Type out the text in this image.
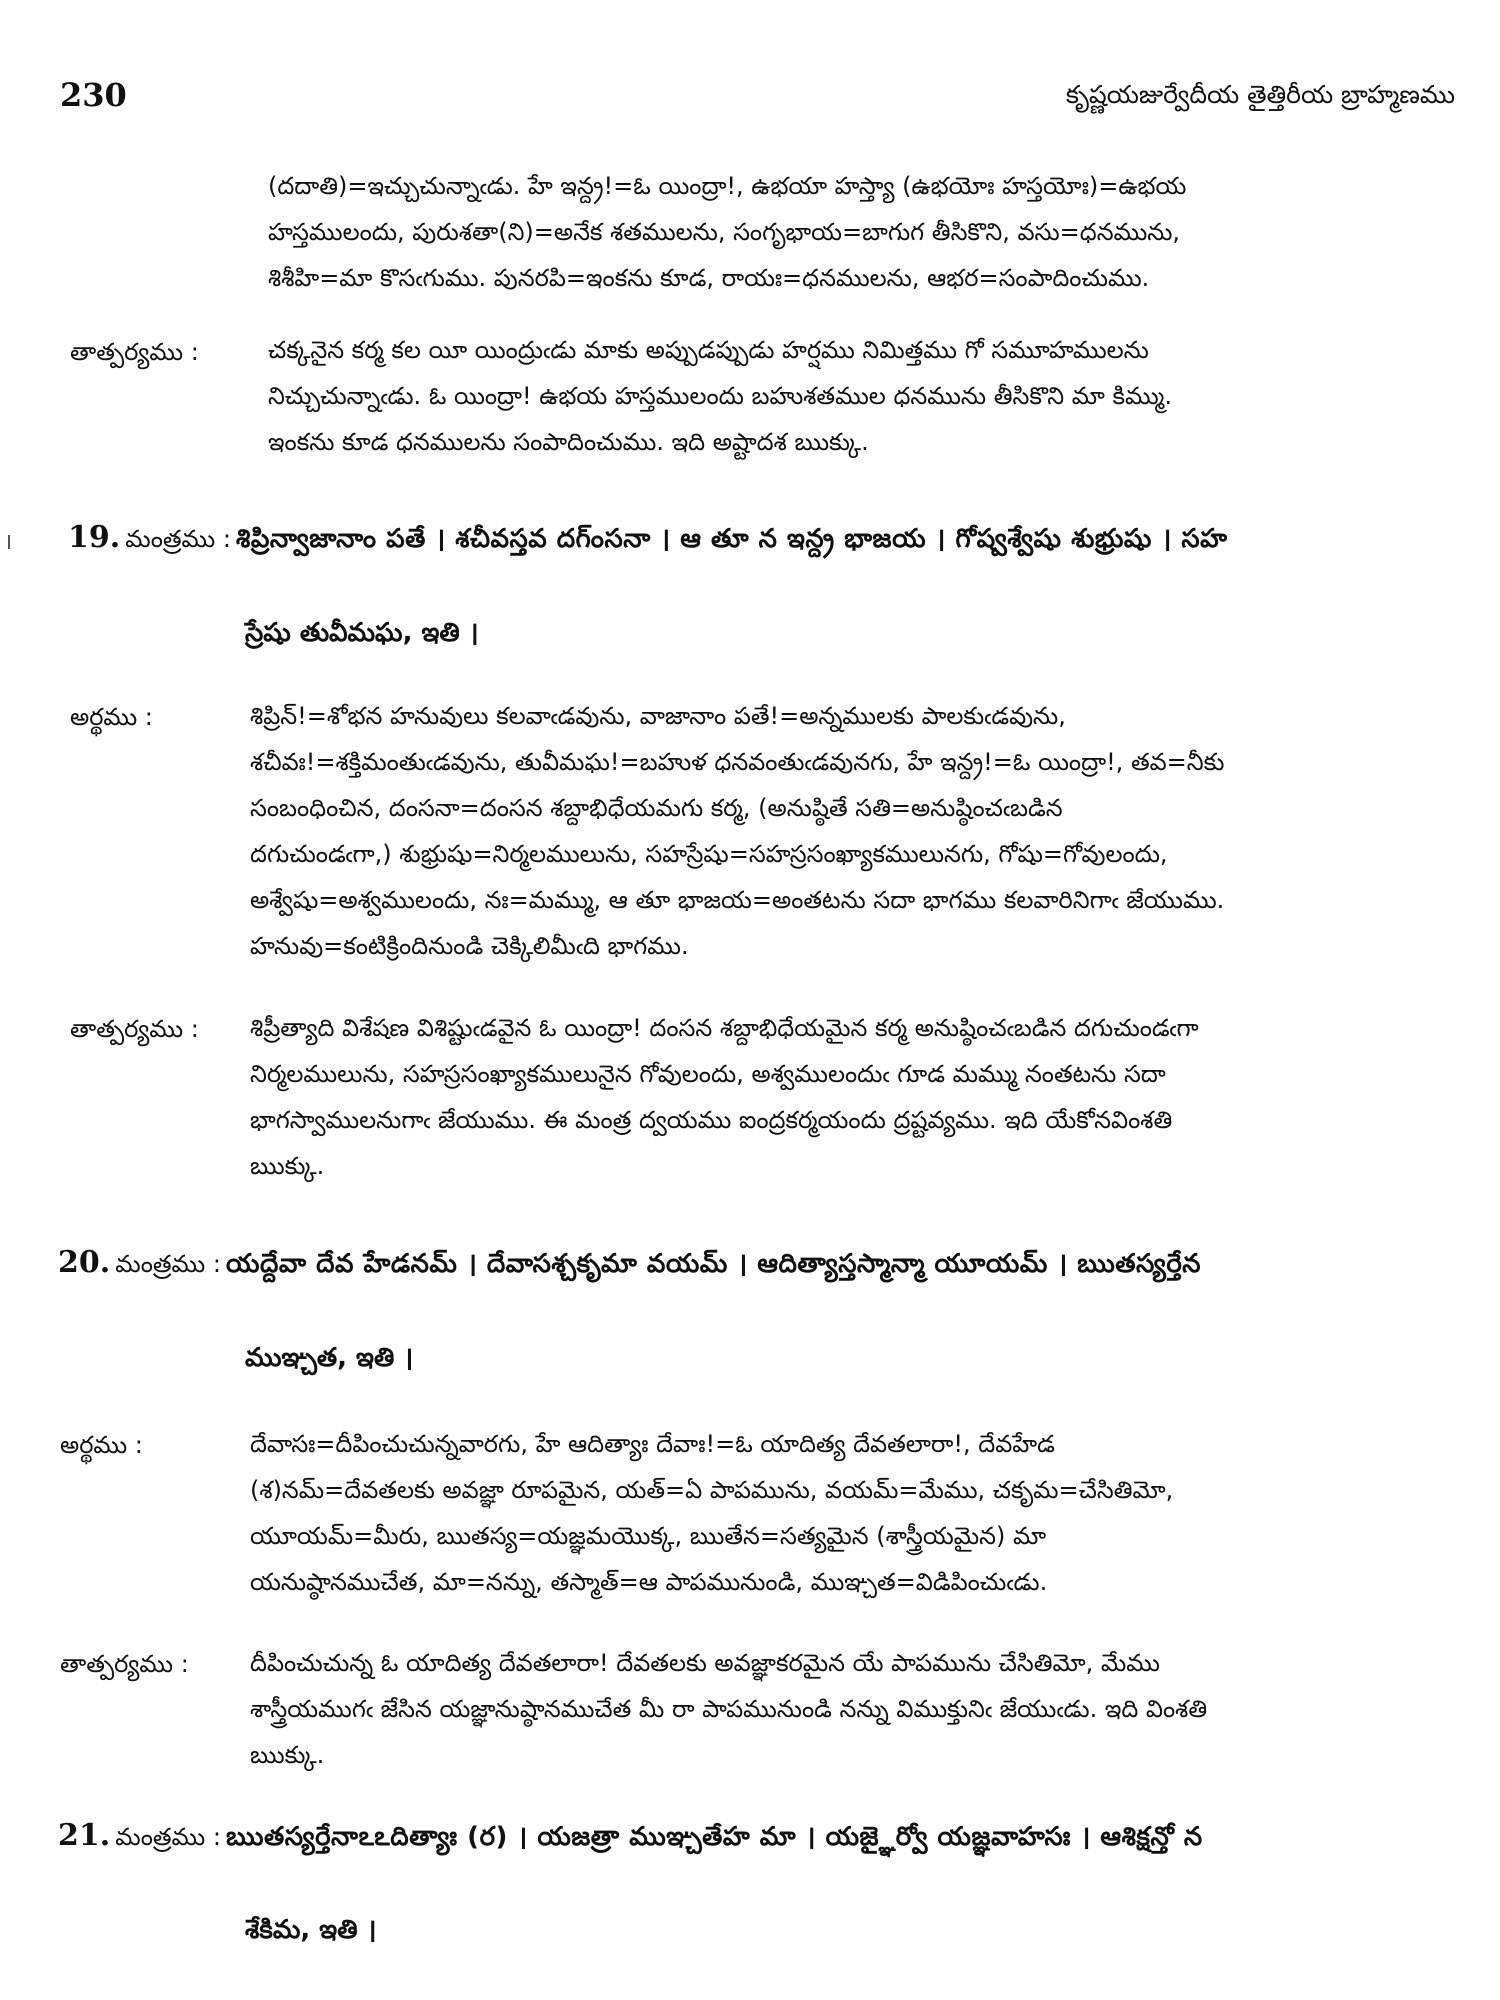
230	కృష్ణయజుర్వేదీయ తైత్తిరీయ బ్రాహ్మణము
(దదాతి)=ఇచ్చుచున్నాఁడు. హే ఇన్ద్ర!=ఓ యింద్రా!, ఉభయా హస్త్యా (ఉభయోః హస్తయోః)=ఉభయ
హస్తములందు, పురుశతా(ని)=అనేక శతములను, సంగృభాయ=బాగుగ తీసికొని, వసు=ధనమును,
శిశీహి=మా కొసఁగుము. పునరపి=ఇంకను కూడ, రాయః=ధనములను, ఆభర=సంపాదించుము.
తాత్పర్యము :	చక్కనైన కర్మ కల యీ యింద్రుఁడు మాకు అప్పుడప్పుడు హర్షము నిమిత్తము గో సమూహములను
నిచ్చుచున్నాఁడు. ఓ యింద్రా! ఉభయ హస్తములందు బహుశతముల ధనమును తీసికొని మా కిమ్ము.
ఇంకను కూడ ధనములను సంపాదించుము. ఇది అష్టాదశ ఋక్కు.
19. మంత్రము : శిప్రిన్వాజానాం పతే । శచీవస్తవ దగ్ంసనా । ఆ తూ న ఇన్ద్ర భాజయ । గోష్వశ్వేషు శుభ్రుషు । సహ
స్రేషు తువీమఘ, ఇతి ।
అర్థము :	శిప్రిన్!=శోభన హనువులు కలవాఁడవును, వాజానాం పతే!=అన్నములకు పాలకుఁడవును,
శచీవః!=శక్తిమంతుఁడవును, తువీమఘ!=బహుళ ధనవంతుఁడవునగు, హే ఇన్ద్ర!=ఓ యింద్రా!, తవ=నీకు
సంబంధించిన, దంసనా=దంసన శబ్దాభిధేయమగు కర్మ, (అనుష్ఠితే సతి=అనుష్ఠించఁబడిన
దగుచుండఁగా,) శుభ్రుషు=నిర్మలములును, సహస్రేషు=సహస్రసంఖ్యాకములునగు, గోషు=గోవులందు,
అశ్వేషు=అశ్వములందు, నః=మమ్ము, ఆ తూ భాజయ=అంతటను సదా భాగము కలవారినిగాఁ జేయుము.
హనువు=కంటిక్రిందినుండి చెక్కిలిమీఁది భాగము.
తాత్పర్యము : శిప్రీత్యాది విశేషణ విశిష్టుఁడవైన ఓ యింద్రా! దంసన శబ్దాభిధేయమైన కర్మ అనుష్ఠించఁబడిన దగుచుండఁగా
నిర్మలములును, సహస్రసంఖ్యాకములునైన గోవులందు, అశ్వములందుఁ గూడ మమ్ము నంతటను సదా
భాగస్వాములనుగాఁ జేయుము. ఈ మంత్ర ద్వయము ఐంద్రకర్మయందు ద్రష్టవ్యము. ఇది యేకోనవింశతి
ఋక్కు.
20. మంత్రము : యద్దేవా దేవ హేడనమ్ । దేవాసశ్చకృమా వయమ్ । ఆదిత్యాస్తస్మాన్మా యూయమ్ । ఋతస్యర్తేన
ముఞ్చత, ఇతి ।
అర్థము :	దేవాసః=దీపించుచున్నవారగు, హే ఆదిత్యాః దేవాః!=ఓ యాదిత్య దేవతలారా!, దేవహేడ
(శ)నమ్=దేవతలకు అవజ్ఞా రూపమైన, యత్=ఏ పాపమును, వయమ్=మేము, చకృమ=చేసితిమో,
యూయమ్=మీరు, ఋతస్య=యజ్ఞమయొక్క, ఋతేన=సత్యమైన (శాస్త్రీయమైన) మా
యనుష్ఠానముచేత, మా=నన్ను, తస్మాత్=ఆ పాపమునుండి, ముఞ్చత=విడిపించుఁడు.
తాత్పర్యము :	దీపించుచున్న ఓ యాదిత్య దేవతలారా! దేవతలకు అవజ్ఞాకరమైన యే పాపమును చేసితిమో, మేము
శాస్త్రీయముగఁ జేసిన యజ్ఞానుష్ఠానముచేత మీ రా పాపమునుండి నన్ను విముక్తునిఁ జేయుఁడు. ఇది వింశతి
ఋక్కు.
21. మంత్రము : ఋతస్యర్తేనాఽఽదిత్యాః (ర) । యజత్రా ముఞ్చతేహ మా । యజ్ఞైర్వో యజ్ఞవాహసః । ఆశిక్షన్తో న
శేకిమ, ఇతి ।
